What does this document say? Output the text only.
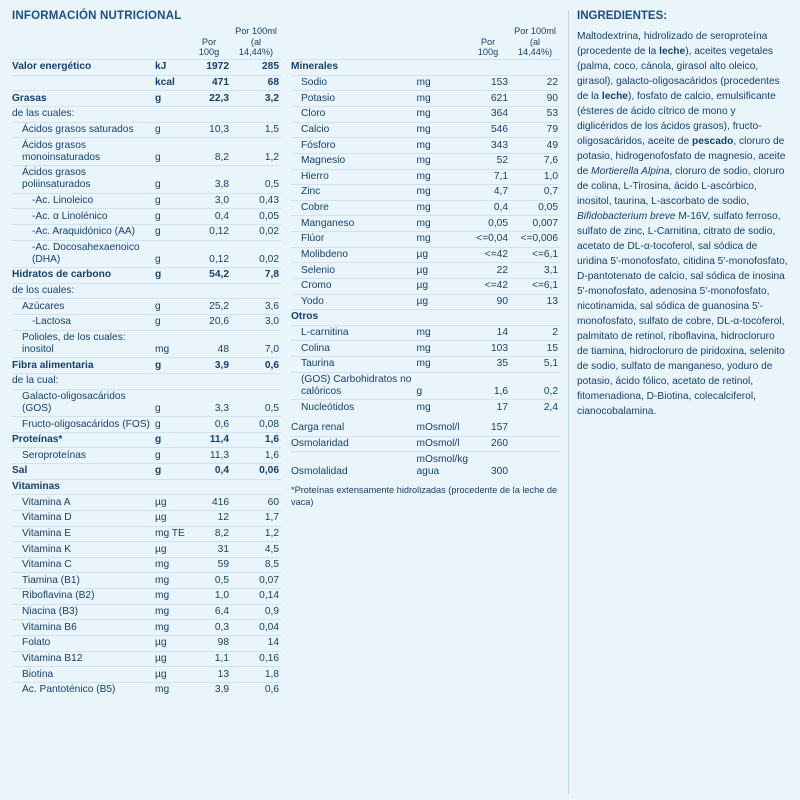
INFORMACIÓN NUTRICIONAL
		Por
100g	Por 100ml
(al 14,44%)
Valor energético	kJ	1972	285
	kcal	471	68
Grasas	g	22,3	3,2
de las cuales:			
Ácidos grasos saturados	g	10,3	1,5
Ácidos grasos monoinsaturados	g	8,2	1,2
Ácidos grasos poliinsaturados	g	3,8	0,5
-Ac. Linoleico	g	3,0	0,43
-Ac. α Linolénico	g	0,4	0,05
-Ac. Araquidónico (AA)	g	0,12	0,02
-Ac. Docosahexaenoico (DHA)	g	0,12	0,02
Hidratos de carbono	g	54,2	7,8
de los cuales:			
Azúcares	g	25,2	3,6
-Lactosa	g	20,6	3,0
Polioles, de los cuales: inositol	mg	48	7,0
Fibra alimentaria	g	3,9	0,6
de la cual:			
Galacto-oligosacáridos (GOS)	g	3,3	0,5
Fructo-oligosacáridos (FOS)	g	0,6	0,08
Proteínas*	g	11,4	1,6
Seroproteínas	g	11,3	1,6
Sal	g	0,4	0,06
Vitaminas			
Vitamina A	µg	416	60
Vitamina D	µg	12	1,7
Vitamina E	mg TE	8,2	1,2
Vitamina K	µg	31	4,5
Vitamina C	mg	59	8,5
Tiamina (B1)	mg	0,5	0,07
Riboflavina (B2)	mg	1,0	0,14
Niacina (B3)	mg	6,4	0,9
Vitamina B6	mg	0,3	0,04
Folato	µg	98	14
Vitamina B12	µg	1,1	0,16
Biotina	µg	13	1,8
Ac. Pantoténico (B5)	mg	3,9	0,6
		Por
100g	Por 100ml
(al 14,44%)
Minerales			
Sodio	mg	153	22
Potasio	mg	621	90
Cloro	mg	364	53
Calcio	mg	546	79
Fósforo	mg	343	49
Magnesio	mg	52	7,6
Hierro	mg	7,1	1,0
Zinc	mg	4,7	0,7
Cobre	mg	0,4	0,05
Manganeso	mg	0,05	0,007
Flúor	mg	<=0,04	<=0,006
Molibdeno	µg	<=42	<=6,1
Selenio	µg	22	3,1
Cromo	µg	<=42	<=6,1
Yodo	µg	90	13
Otros			
L-carnitina	mg	14	2
Colina	mg	103	15
Taurina	mg	35	5,1
(GOS) Carbohidratos no calóricos	g	1,6	0,2
Nucleótidos	mg	17	2,4

Carga renal	mOsmol/l	157	
Osmolaridad	mOsmol/l	260	
Osmolalidad	mOsmol/kg agua	300	
*Proteínas extensamente hidrolizadas (procedente de la leche de vaca)
INGREDIENTES:
Maltodextrina, hidrolizado de seroproteína (procedente de la leche), aceites vegetales (palma, coco, cánola, girasol alto oleico, girasol), galacto-oligosacáridos (procedentes de la leche), fosfato de calcio, emulsificante (ésteres de ácido cítrico de mono y diglicéridos de los ácidos grasos), fructo-oligosacáridos, aceite de pescado, cloruro de potasio, hidrogenofosfato de magnesio, aceite de Mortierella Alpina, cloruro de sodio, cloruro de colina, L-Tirosina, ácido L-ascórbico, inositol, taurina, L-ascorbato de sodio, Bifidobacterium breve M-16V, sulfato ferroso, sulfato de zinc, L-Carnitina, citrato de sodio, acetato de DL-α-tocoferol, sal sódica de uridina 5'-monofosfato, citidina 5'-monofosfato, D-pantotenato de calcio, sal sódica de inosina 5'-monofosfato, adenosina 5'-monofosfato, nicotinamida, sal sódica de guanosina 5'-monofosfato, sulfato de cobre, DL-α-tocoferol, palmitato de retinol, riboflavina, hidrocloruro de tiamina, hidrocloruro de piridoxina, selenito de sodio, sulfato de manganeso, yoduro de potasio, ácido fólico, acetato de retinol, fitomenadiona, D-Biotina, colecalciferol, cianocobalamina.
